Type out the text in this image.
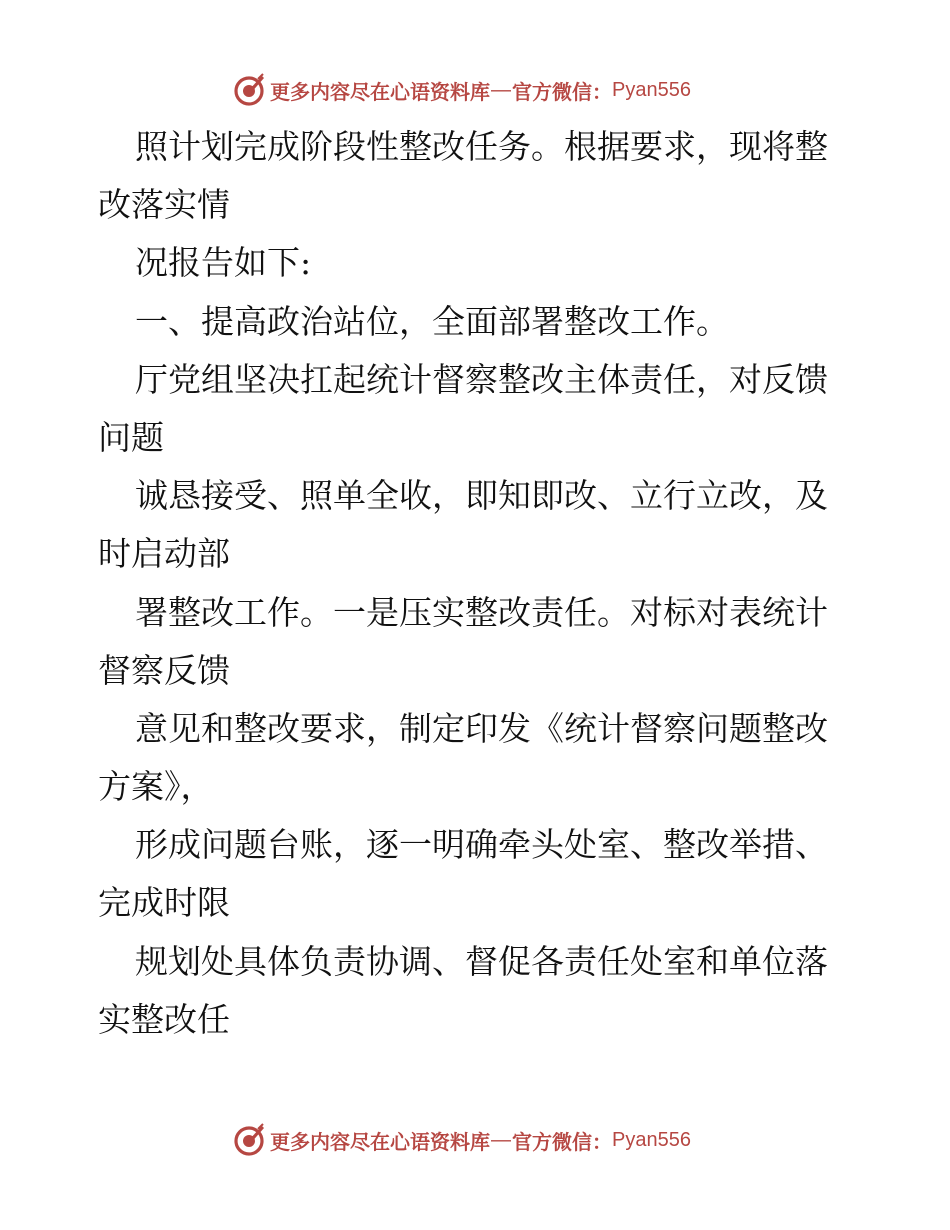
更多内容尽在心语资料库 — 官方微信： Pyan556
照计划完成阶段性整改任务。根据要求，现将整
改落实情
况报告如下:
一、提高政治站位，全面部署整改工作。
厅党组坚决扛起统计督察整改主体责任，对反馈
问题
诚恳接受、照单全收，即知即改、立行立改，及
时启动部
署整改工作。一是压实整改责任。对标对表统计
督察反馈
意见和整改要求，制定印发《统计督察问题整改
方案》，
形成问题台账，逐一明确牵头处室、整改举措、
完成时限
规划处具体负责协调、督促各责任处室和单位落
实整改任
更多内容尽在心语资料库 — 官方微信： Pyan556
